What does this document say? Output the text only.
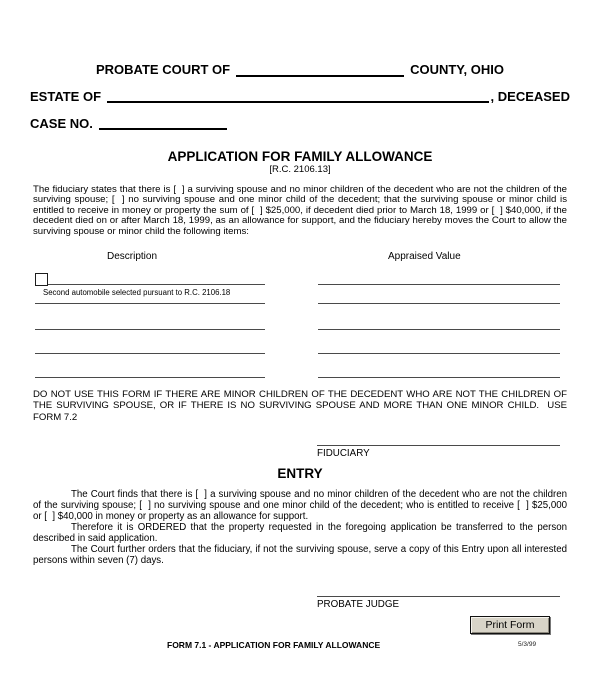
PROBATE COURT OF	COUNTY, OHIO
ESTATE OF	, DECEASED
CASE NO.
APPLICATION FOR FAMILY ALLOWANCE
[R.C. 2106.13]
The fiduciary states that there is [  ] a surviving spouse and no minor children of the decedent who are not the children of the surviving spouse; [  ] no surviving spouse and one minor child of the decedent; that the surviving spouse or minor child is entitled to receive in money or property the sum of [  ] $25,000, if decedent died prior to March 18, 1999 or [  ] $40,000, if the decedent died on or after March 18, 1999, as an allowance for support, and the fiduciary hereby moves the Court to allow the surviving spouse or minor child the following items:
Description	Appraised Value
Second automobile selected pursuant to R.C. 2106.18
DO NOT USE THIS FORM IF THERE ARE MINOR CHILDREN OF THE DECEDENT WHO ARE NOT THE CHILDREN OF THE SURVIVING SPOUSE, OR IF THERE IS NO SURVIVING SPOUSE AND MORE THAN ONE MINOR CHILD.  USE FORM 7.2
FIDUCIARY
ENTRY

The Court finds that there is [  ] a surviving spouse and no minor children of the decedent who are not the children of the surviving spouse; [  ] no surviving spouse and one minor child of the decedent; who is entitled to receive [  ] $25,000 or [  ] $40,000 in money or property as an allowance for support.

Therefore it is ORDERED that the property requested in the foregoing application be transferred to the person described in said application.

The Court further orders that the fiduciary, if not the surviving spouse, serve a copy of this Entry upon all interested persons within seven (7) days.

PROBATE JUDGE
Print Form
FORM 7.1 - APPLICATION FOR FAMILY ALLOWANCE	5/3/99
